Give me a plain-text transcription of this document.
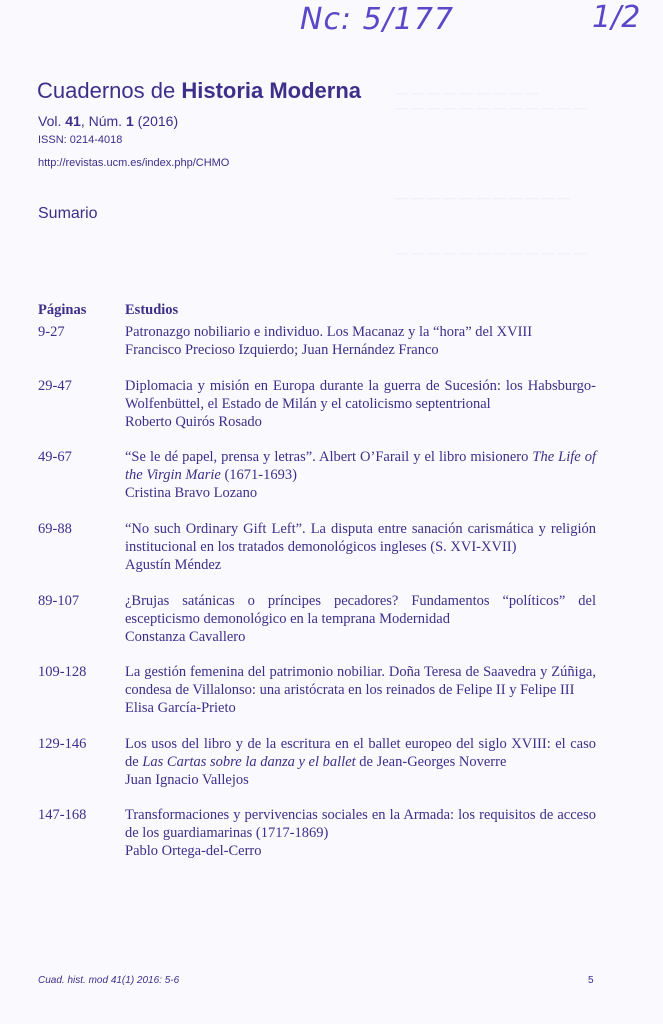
— — — — — — — — —
— — — — — — — — — — — —
— — — — — — — — — — —
— — — — — — — — — — — —
Nc: 5/177	1/2
Cuadernos de Historia Moderna
Vol. 41, Núm. 1 (2016)
ISSN: 0214-4018
http://revistas.ucm.es/index.php/CHMO
Sumario
Páginas	Estudios
9-27	Patronazgo nobiliario e individuo. Los Macanaz y la “hora” del XVIII

Francisco Precioso Izquierdo; Juan Hernández Franco

29-47	Diplomacia y misión en Europa durante la guerra de Sucesión: los Habsburgo-Wolfenbüttel, el Estado de Milán y el catolicismo septentrional

Roberto Quirós Rosado

49-67	“Se le dé papel, prensa y letras”. Albert O’Farail y el libro misionero The Life of the Virgin Marie (1671-1693)

Cristina Bravo Lozano

69-88	“No such Ordinary Gift Left”. La disputa entre sanación carismática y religión institucional en los tratados demonológicos ingleses (S. XVI-XVII)

Agustín Méndez

89-107	¿Brujas satánicas o príncipes pecadores? Fundamentos “políticos” del escepticismo demonológico en la temprana Modernidad

Constanza Cavallero

109-128	La gestión femenina del patrimonio nobiliar. Doña Teresa de Saavedra y Zúñiga, condesa de Villalonso: una aristócrata en los reinados de Felipe II y Felipe III

Elisa García-Prieto

129-146	Los usos del libro y de la escritura en el ballet europeo del siglo XVIII: el caso de Las Cartas sobre la danza y el ballet de Jean-Georges Noverre

Juan Ignacio Vallejos

147-168	Transformaciones y pervivencias sociales en la Armada: los requisitos de acceso de los guardiamarinas (1717-1869)

Pablo Ortega-del-Cerro

Cuad. hist. mod 41(1) 2016: 5-6	5
